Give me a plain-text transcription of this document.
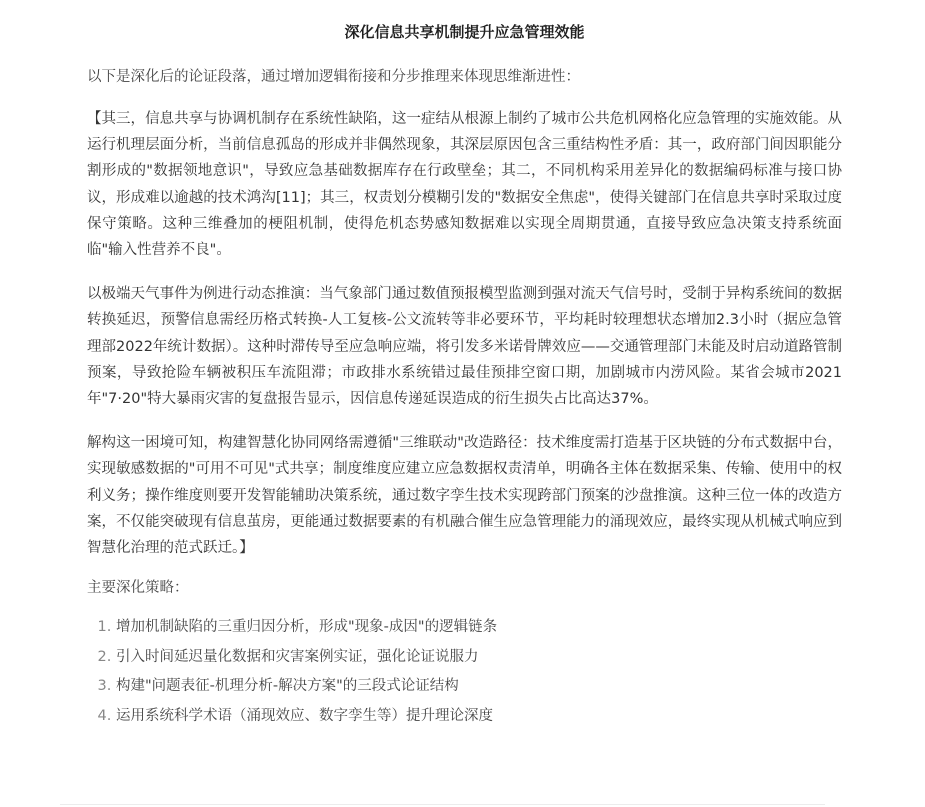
深化信息共享机制提升应急管理效能

以下是深化后的论证段落，通过增加逻辑衔接和分步推理来体现思维渐进性：

【其三，信息共享与协调机制存在系统性缺陷，这一症结从根源上制约了城市公共危机网格化应急管理的实施效能。从运行机理层面分析，当前信息孤岛的形成并非偶然现象，其深层原因包含三重结构性矛盾：其一，政府部门间因职能分割形成的"数据领地意识"，导致应急基础数据库存在行政壁垒；其二，不同机构采用差异化的数据编码标准与接口协议，形成难以逾越的技术鸿沟[11]；其三，权责划分模糊引发的"数据安全焦虑"，使得关键部门在信息共享时采取过度保守策略。这种三维叠加的梗阻机制，使得危机态势感知数据难以实现全周期贯通，直接导致应急决策支持系统面临"输入性营养不良"。

以极端天气事件为例进行动态推演：当气象部门通过数值预报模型监测到强对流天气信号时，受制于异构系统间的数据转换延迟，预警信息需经历格式转换-人工复核-公文流转等非必要环节，平均耗时较理想状态增加2.3小时（据应急管理部2022年统计数据）。这种时滞传导至应急响应端，将引发多米诺骨牌效应——交通管理部门未能及时启动道路管制预案，导致抢险车辆被积压车流阻滞；市政排水系统错过最佳预排空窗口期，加剧城市内涝风险。某省会城市2021年"7·20"特大暴雨灾害的复盘报告显示，因信息传递延误造成的衍生损失占比高达37%。

解构这一困境可知，构建智慧化协同网络需遵循"三维联动"改造路径：技术维度需打造基于区块链的分布式数据中台，实现敏感数据的"可用不可见"式共享；制度维度应建立应急数据权责清单，明确各主体在数据采集、传输、使用中的权利义务；操作维度则要开发智能辅助决策系统，通过数字孪生技术实现跨部门预案的沙盘推演。这种三位一体的改造方案，不仅能突破现有信息茧房，更能通过数据要素的有机融合催生应急管理能力的涌现效应，最终实现从机械式响应到智慧化治理的范式跃迁。】

主要深化策略：

1. 增加机制缺陷的三重归因分析，形成"现象-成因"的逻辑链条
2. 引入时间延迟量化数据和灾害案例实证，强化论证说服力
3. 构建"问题表征-机理分析-解决方案"的三段式论证结构
4. 运用系统科学术语（涌现效应、数字孪生等）提升理论深度
